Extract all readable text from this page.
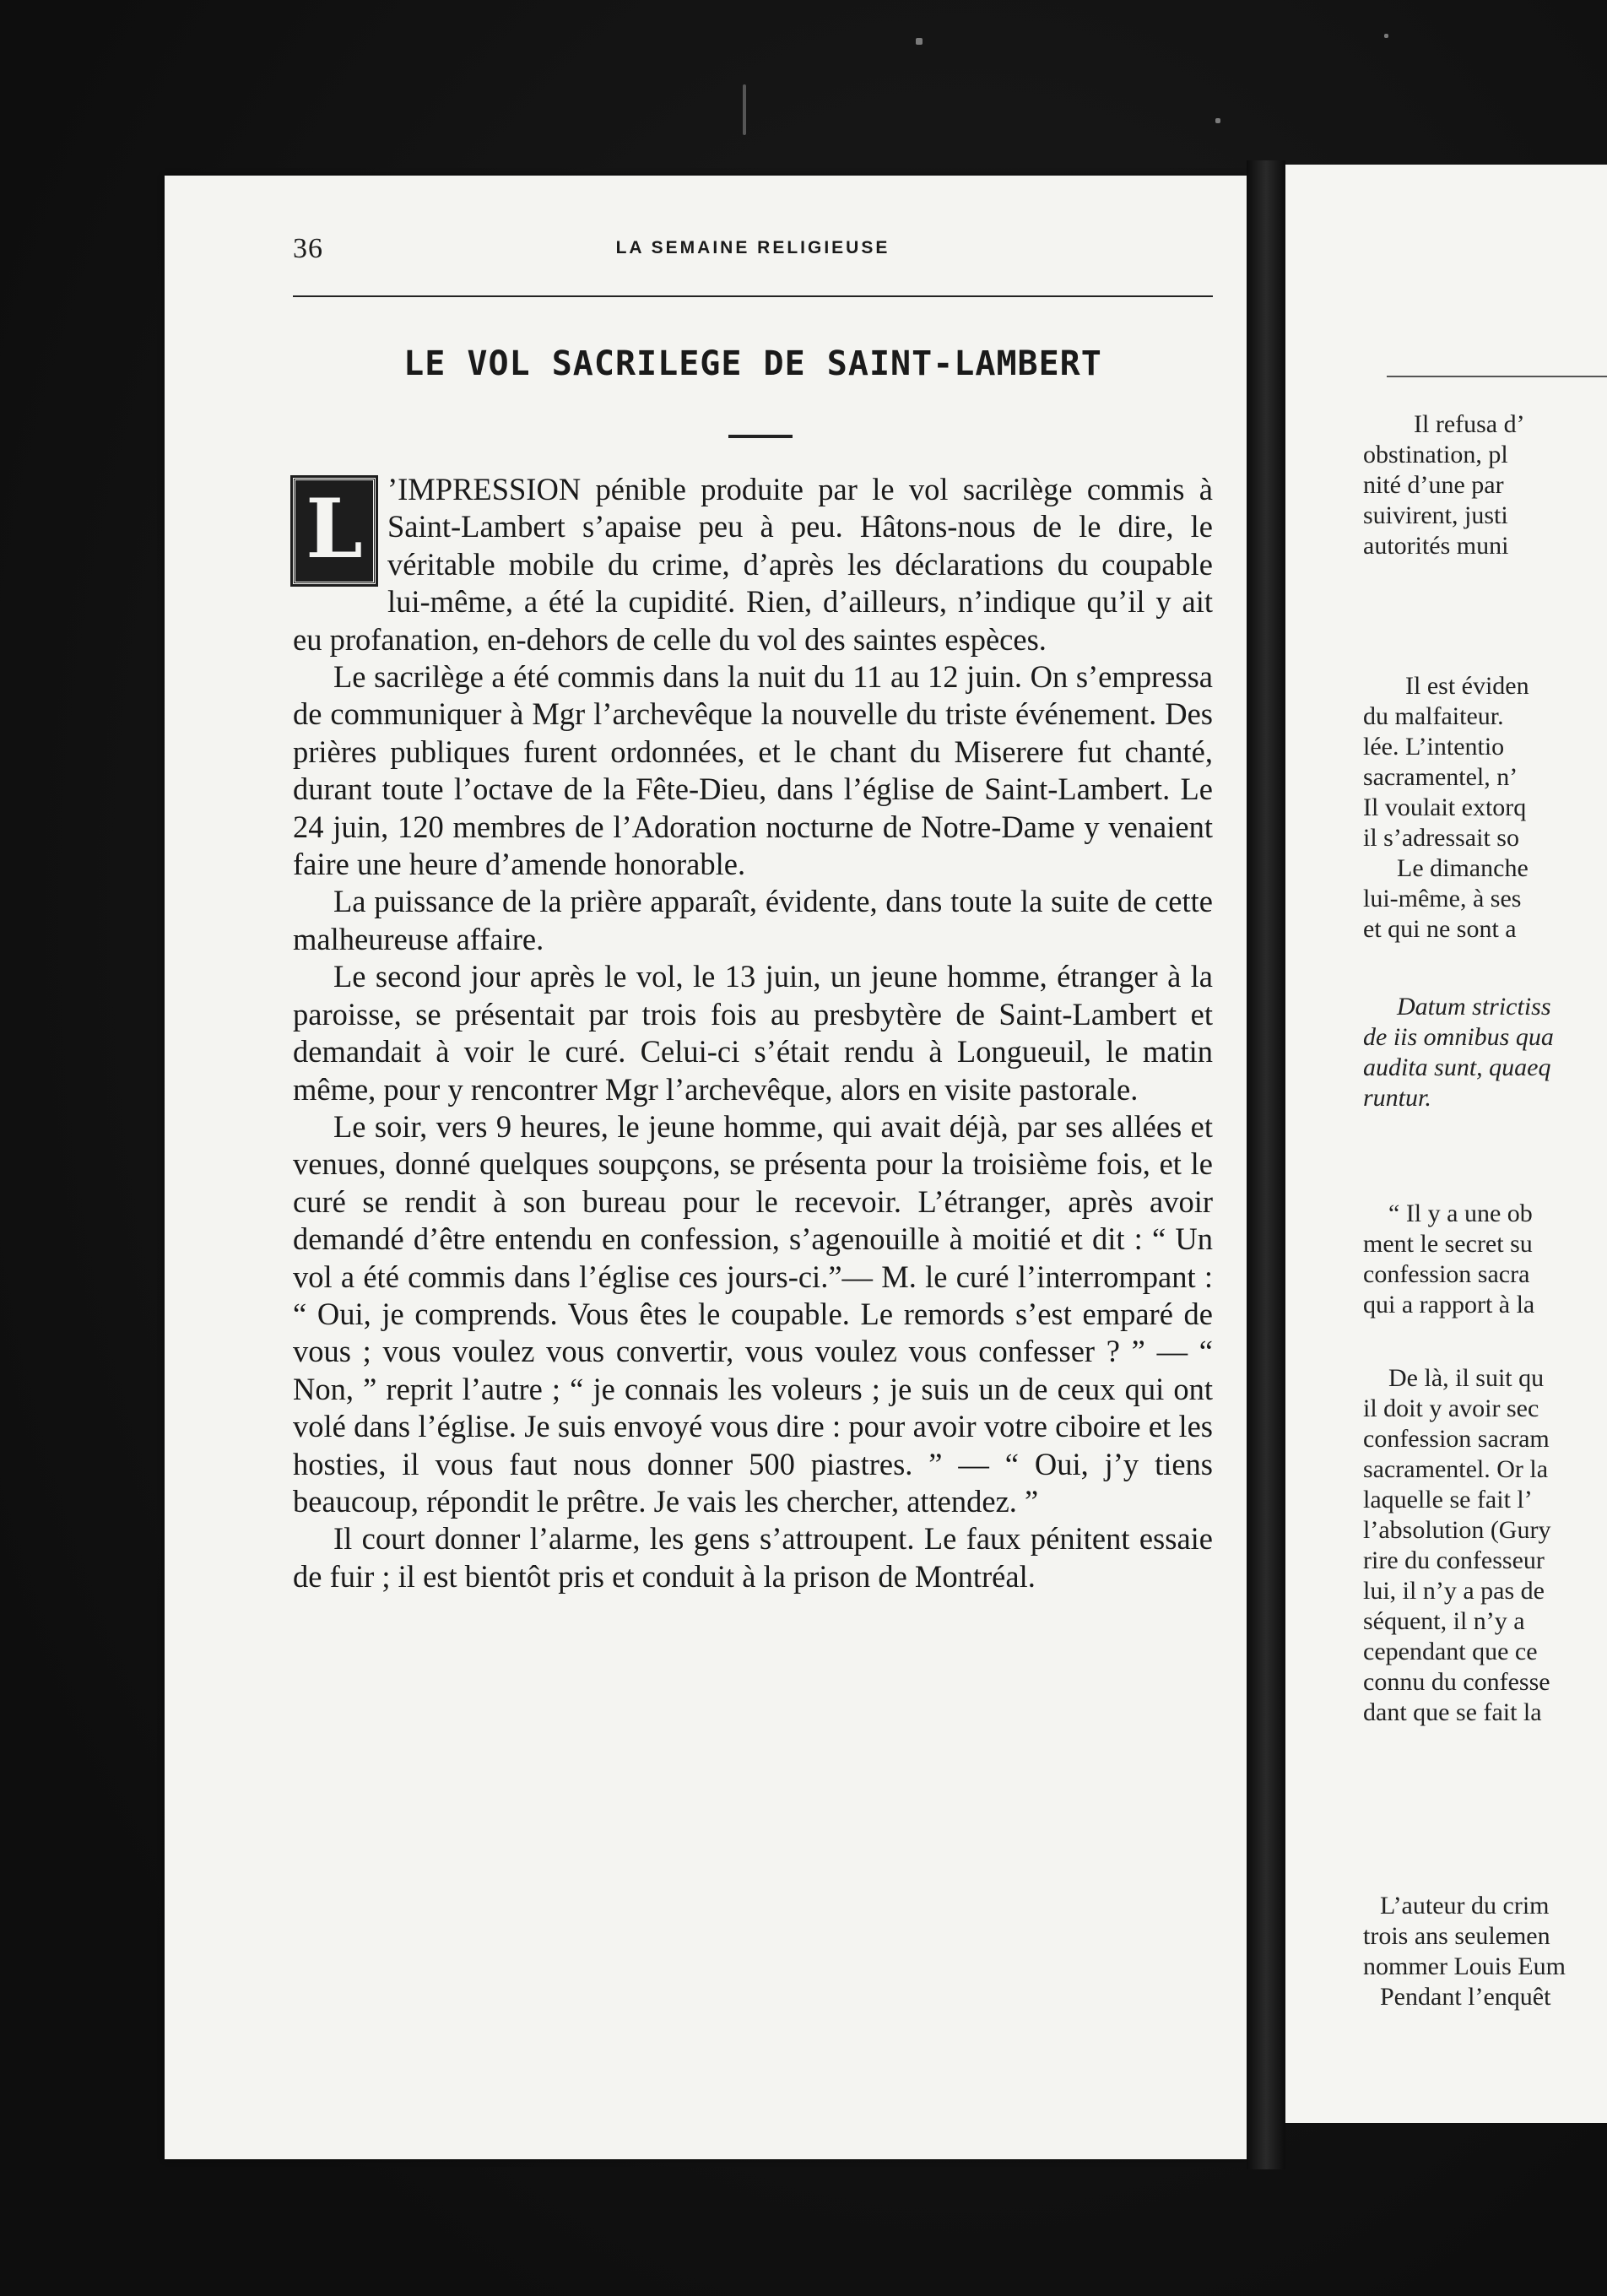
36	LA SEMAINE RELIGIEUSE
LE VOL SACRILEGE DE SAINT-LAMBERT

L ’IMPRESSION pénible produite par le vol sacrilège commis à Saint-Lambert s’apaise peu à peu. Hâtons-nous de le dire, le véritable mobile du crime, d’après les déclarations du coupable lui-même, a été la cupidité. Rien, d’ailleurs, n’indique qu’il y ait eu profanation, en-dehors de celle du vol des saintes espèces.

Le sacrilège a été commis dans la nuit du 11 au 12 juin. On s’empressa de communiquer à Mgr l’archevêque la nouvelle du triste événement. Des prières publiques furent ordonnées, et le chant du Miserere fut chanté, durant toute l’octave de la Fête-Dieu, dans l’église de Saint-Lambert. Le 24 juin, 120 membres de l’Adoration nocturne de Notre-Dame y venaient faire une heure d’amende honorable.

La puissance de la prière apparaît, évidente, dans toute la suite de cette malheureuse affaire.

Le second jour après le vol, le 13 juin, un jeune homme, étranger à la paroisse, se présentait par trois fois au presbytère de Saint-Lambert et demandait à voir le curé. Celui-ci s’était rendu à Longueuil, le matin même, pour y rencontrer Mgr l’archevêque, alors en visite pastorale.

Le soir, vers 9 heures, le jeune homme, qui avait déjà, par ses allées et venues, donné quelques soupçons, se présenta pour la troisième fois, et le curé se rendit à son bureau pour le recevoir. L’étranger, après avoir demandé d’être entendu en confession, s’agenouille à moitié et dit : “ Un vol a été commis dans l’église ces jours-ci.”— M. le curé l’interrompant : “ Oui, je comprends. Vous êtes le coupable. Le remords s’est emparé de vous ; vous voulez vous convertir, vous voulez vous confesser ? ” — “ Non, ” reprit l’autre ; “ je connais les voleurs ; je suis un de ceux qui ont volé dans l’église. Je suis envoyé vous dire : pour avoir votre ciboire et les hosties, il vous faut nous donner 500 piastres. ” — “ Oui, j’y tiens beaucoup, répondit le prêtre. Je vais les chercher, attendez. ”

Il court donner l’alarme, les gens s’attroupent. Le faux pénitent essaie de fuir ; il est bientôt pris et conduit à la prison de Montréal.

Il refusa d’
obstination, pl
nité d’une par
suivirent, justi
autorités muni
Il est éviden
du malfaiteur.
lée. L’intentio
sacramentel, n’
Il voulait extorq
il s’adressait so
Le dimanche
lui-même, à ses
et qui ne sont a
Datum strictiss
de iis omnibus qua
audita sunt, quaeq
runtur.
“ Il y a une ob
ment le secret su
confession sacra
qui a rapport à la
De là, il suit qu
il doit y avoir sec
confession sacram
sacramentel. Or la
laquelle se fait l’
l’absolution (Gury
rire du confesseur
lui, il n’y a pas de
séquent, il n’y a
cependant que ce
connu du confesse
dant que se fait la
L’auteur du crim
trois ans seulemen
nommer Louis Eum
Pendant l’enquêt
